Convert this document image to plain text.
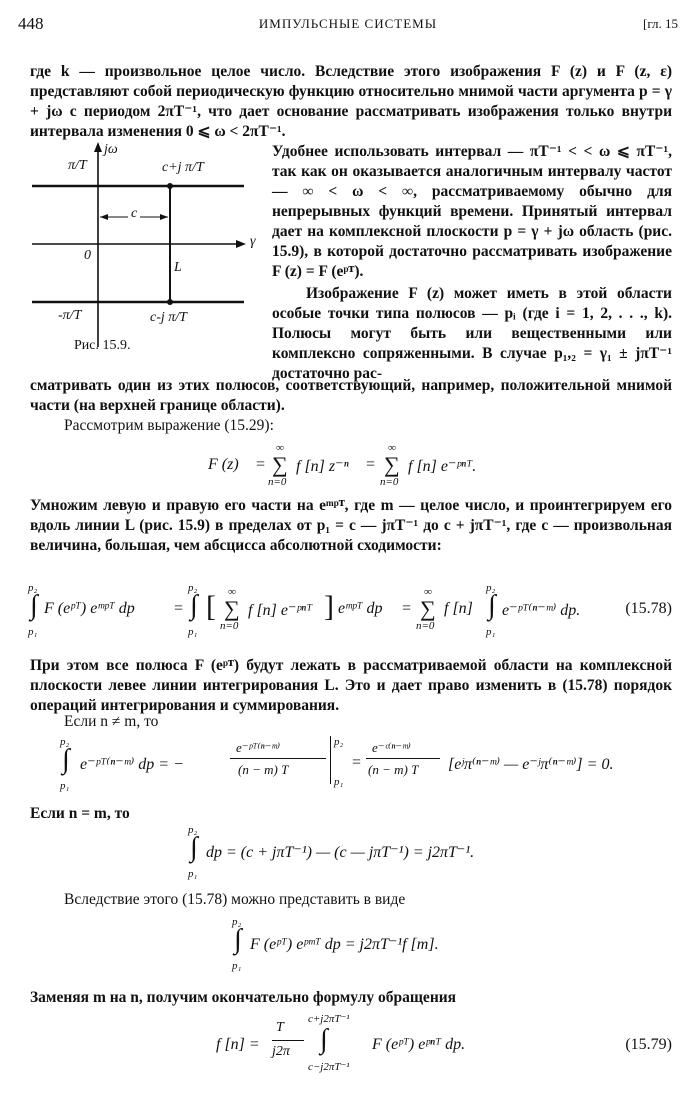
448	ИМПУЛЬСНЫЕ СИСТЕМЫ	[гл. 15
где k — произвольное целое число. Вследствие этого изображения F (z) и F (z, ε) представляют собой периодическую функцию относительно мнимой части аргумента p = γ + jω с периодом 2πT⁻¹, что дает основание рассматривать изображения только внутри интервала изменения 0 ⩽ ω < 2πT⁻¹.
Удобнее использовать интервал — πT⁻¹ < < ω ⩽ πT⁻¹, так как он оказывается аналогичным интервалу частот — ∞ < ω < ∞, рассматриваемому обычно для непрерывных функций времени. Принятый интервал дает на комплексной плоскости p = γ + jω область (рис. 15.9), в которой достаточно рассматривать изображение F (z) = F (eᵖᵀ).
Изображение F (z) может иметь в этой области особые точки типа полюсов — pᵢ (где i = 1, 2, . . ., k). Полюсы могут быть или вещественными или комплексно сопряженными. В случае p₁,₂ = γ₁ ± jπT⁻¹ достаточно рас-
сматривать один из этих полюсов, соответствующий, например, положительной мнимой части (на верхней границе области).
Рассмотрим выражение (15.29):
jω
γ
0
L
c
π/T
-π/T
c+j π/T
c-j π/T
Рис. 15.9.
F (z) =
∞
∑
n=0
f [n] z⁻ⁿ =
∞
∑
n=0
f [n] e⁻ᵖⁿᵀ.
Умножим левую и правую его части на eᵐᵖᵀ, где m — целое число, и проинтегрируем его вдоль линии L (рис. 15.9) в пределах от p₁ = c — jπT⁻¹ до c + jπT⁻¹, где c — произвольная величина, большая, чем абсцисса абсолютной сходимости:
p₂
∫
p₁
F (eᵖᵀ) eᵐᵖᵀ dp =
p₂
∫
p₁
[ ∞
∑
n=0
f [n] e⁻ᵖⁿᵀ ] eᵐᵖᵀ dp =
∞
∑
n=0
f [n]
p₂
∫
p₁
e⁻ᵖᵀ⁽ⁿ⁻ᵐ⁾ dp.	(15.78)
При этом все полюса F (eᵖᵀ) будут лежать в рассматриваемой области на комплексной плоскости левее линии интегрирования L. Это и дает право изменить в (15.78) порядок операций интегрирования и суммирования.
Если n ≠ m, то
p₂
∫
p₁
e⁻ᵖᵀ⁽ⁿ⁻ᵐ⁾ dp = −
e⁻ᵖᵀ⁽ⁿ⁻ᵐ⁾
(n − m) T
p₂
p₁
=
e⁻ᶜ⁽ⁿ⁻ᵐ⁾
(n − m) T [eʲπ⁽ⁿ⁻ᵐ⁾ — e⁻ʲπ⁽ⁿ⁻ᵐ⁾] = 0.
Если n = m, то
p₂
∫
p₁
dp = (c + jπT⁻¹) — (c — jπT⁻¹) = j2πT⁻¹.
Вследствие этого (15.78) можно представить в виде
p₂
∫
p₁
F (eᵖᵀ) eᵖᵐᵀ dp = j2πT⁻¹f [m].
Заменяя m на n, получим окончательно формулу обращения
f [n] =
T
j2π
c+j2πT⁻¹
∫
c−j2πT⁻¹
F (eᵖᵀ) eᵖⁿᵀ dp.	(15.79)
